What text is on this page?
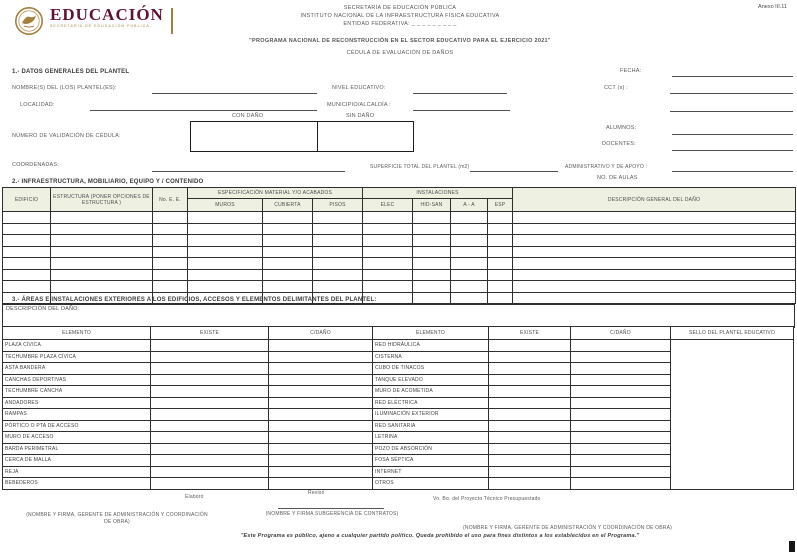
EDUCACIÓN
SECRETARÍA DE EDUCACIÓN PÚBLICA
Anexo III.11
SECRETARÍA DE EDUCACIÓN PÚBLICA
INSTITUTO NACIONAL DE LA INFRAESTRUCTURA FÍSICA EDUCATIVA
ENTIDAD FEDERATIVA: _ _ _ _ _ _ _ _ _
"PROGRAMA NACIONAL DE RECONSTRUCCIÓN EN EL SECTOR EDUCATIVO PARA EL EJERCICIO 2021"
CÉDULA DE EVALUACIÓN DE DAÑOS
1.- DATOS GENERALES DEL PLANTEL	FECHA:
NOMBRE(S) DEL (LOS) PLANTEL(ES):	NIVEL EDUCATIVO:	CCT (s) :
LOCALIDAD:	MUNICIPIO/ALCALDÍA :
CON DAÑO	SIN DAÑO
NÚMERO DE VALIDACIÓN DE CÉDULA:
ALUMNOS:
DOCENTES:
COORDENADAS:	SUPERFICIE TOTAL DEL PLANTEL (m2)	ADMINISTRATIVO Y DE APOYO :
NO. DE AULAS
2.- INFRAESTRUCTURA, MOBILIARIO, EQUIPO Y / CONTENIDO
EDIFICIO	ESTRUCTURA (PONER OPCIONES DE ESTRUCTURA )	No. E. E.	ESPECIFICACIÓN MATERIAL Y/O ACABADOS			INSTALACIONES				DESCRIPCIÓN GENERAL DEL DAÑO
			MUROS	CUBIERTA	PISOS	ELEC	HID-SAN	A - A	ESP	

3.- ÁREAS E INSTALACIONES EXTERIORES A LOS EDIFICIOS, ACCESOS Y ELEMENTOS DELIMITANTES DEL PLANTEL:
DESCRIPCIÓN DEL DAÑO:
ELEMENTO	EXISTE	C/DAÑO	ELEMENTO	EXISTE	C/DAÑO	SELLO DEL PLANTEL EDUCATIVO
PLAZA CÍVICA			RED HIDRÁULICA			
TECHUMBRE PLAZA CÍVICA			CISTERNA			
ASTA BANDERA			CUBO DE TINACOS			
CANCHAS DEPORTIVAS			TANQUE ELEVADO			
TECHUMBRE CANCHA			MURO DE ACOMETIDA			
ANDADORES			RED ELÉCTRICA			
RAMPAS			ILUMINACIÓN EXTERIOR			
PÓRTICO O PTA DE ACCESO			RED SANITARIA			
MURO DE ACCESO			LETRINA			
BARDA PERIMETRAL			POZO DE ABSORCIÓN			
CERCA DE MALLA			FOSA SÉPTICA			
REJA			INTERNET			
BEBEDEROS			OTROS			
Elaboró
Revisó
Vo. Bo. del Proyecto Técnico Presupuestado
(NOMBRE Y FIRMA, GERENTE DE ADMINISTRACIÓN Y COORDINACIÓN DE OBRA)
(NOMBRE Y FIRMA SUBGERENCIA DE CONTRATOS)
(NOMBRE Y FIRMA, GERENTE DE ADMINISTRACIÓN Y COORDINACIÓN DE OBRA)
"Este Programa es público, ajeno a cualquier partido político. Queda prohibido el uso para fines distintos a los establecidos en el Programa."
